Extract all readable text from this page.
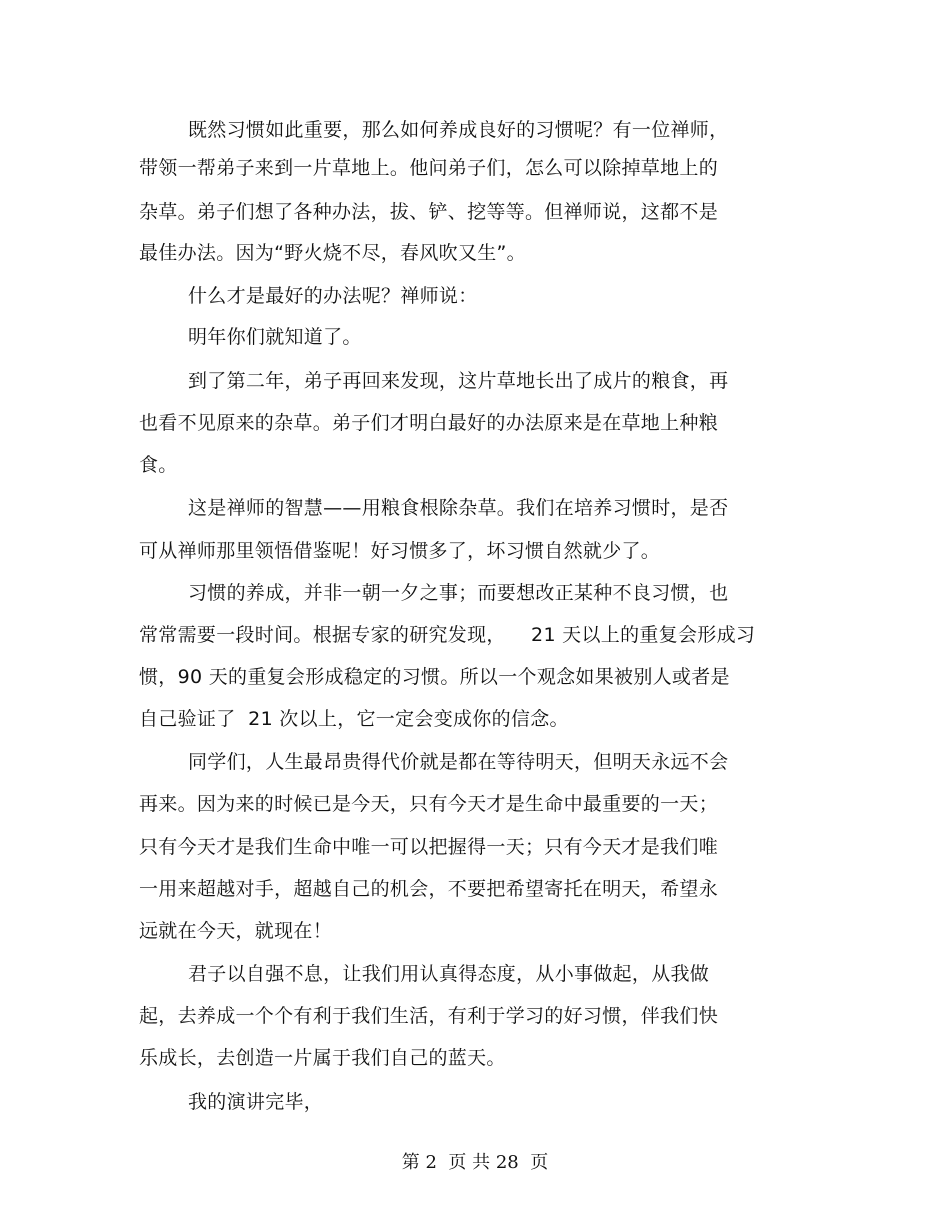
既然习惯如此重要，那么如何养成良好的习惯呢？有一位禅师，
带领一帮弟子来到一片草地上。他问弟子们，怎么可以除掉草地上的
杂草。弟子们想了各种办法，拔、铲、挖等等。但禅师说，这都不是
最佳办法。因为“野火烧不尽，春风吹又生”。
什么才是最好的办法呢？禅师说：
明年你们就知道了。
到了第二年，弟子再回来发现，这片草地长出了成片的粮食，再
也看不见原来的杂草。弟子们才明白最好的办法原来是在草地上种粮
食。
这是禅师的智慧——用粮食根除杂草。我们在培养习惯时，是否
可从禅师那里领悟借鉴呢！好习惯多了，坏习惯自然就少了。
习惯的养成，并非一朝一夕之事；而要想改正某种不良习惯，也
常常需要一段时间。根据专家的研究发现，    21 天以上的重复会形成习
惯，90 天的重复会形成稳定的习惯。所以一个观念如果被别人或者是
自己验证了  21 次以上，它一定会变成你的信念。
同学们，人生最昂贵得代价就是都在等待明天，但明天永远不会
再来。因为来的时候已是今天，只有今天才是生命中最重要的一天；
只有今天才是我们生命中唯一可以把握得一天；只有今天才是我们唯
一用来超越对手，超越自己的机会，不要把希望寄托在明天，希望永
远就在今天，就现在！
君子以自强不息，让我们用认真得态度，从小事做起，从我做
起，去养成一个个有利于我们生活，有利于学习的好习惯，伴我们快
乐成长，去创造一片属于我们自己的蓝天。
我的演讲完毕，
第 2  页 共 28  页
